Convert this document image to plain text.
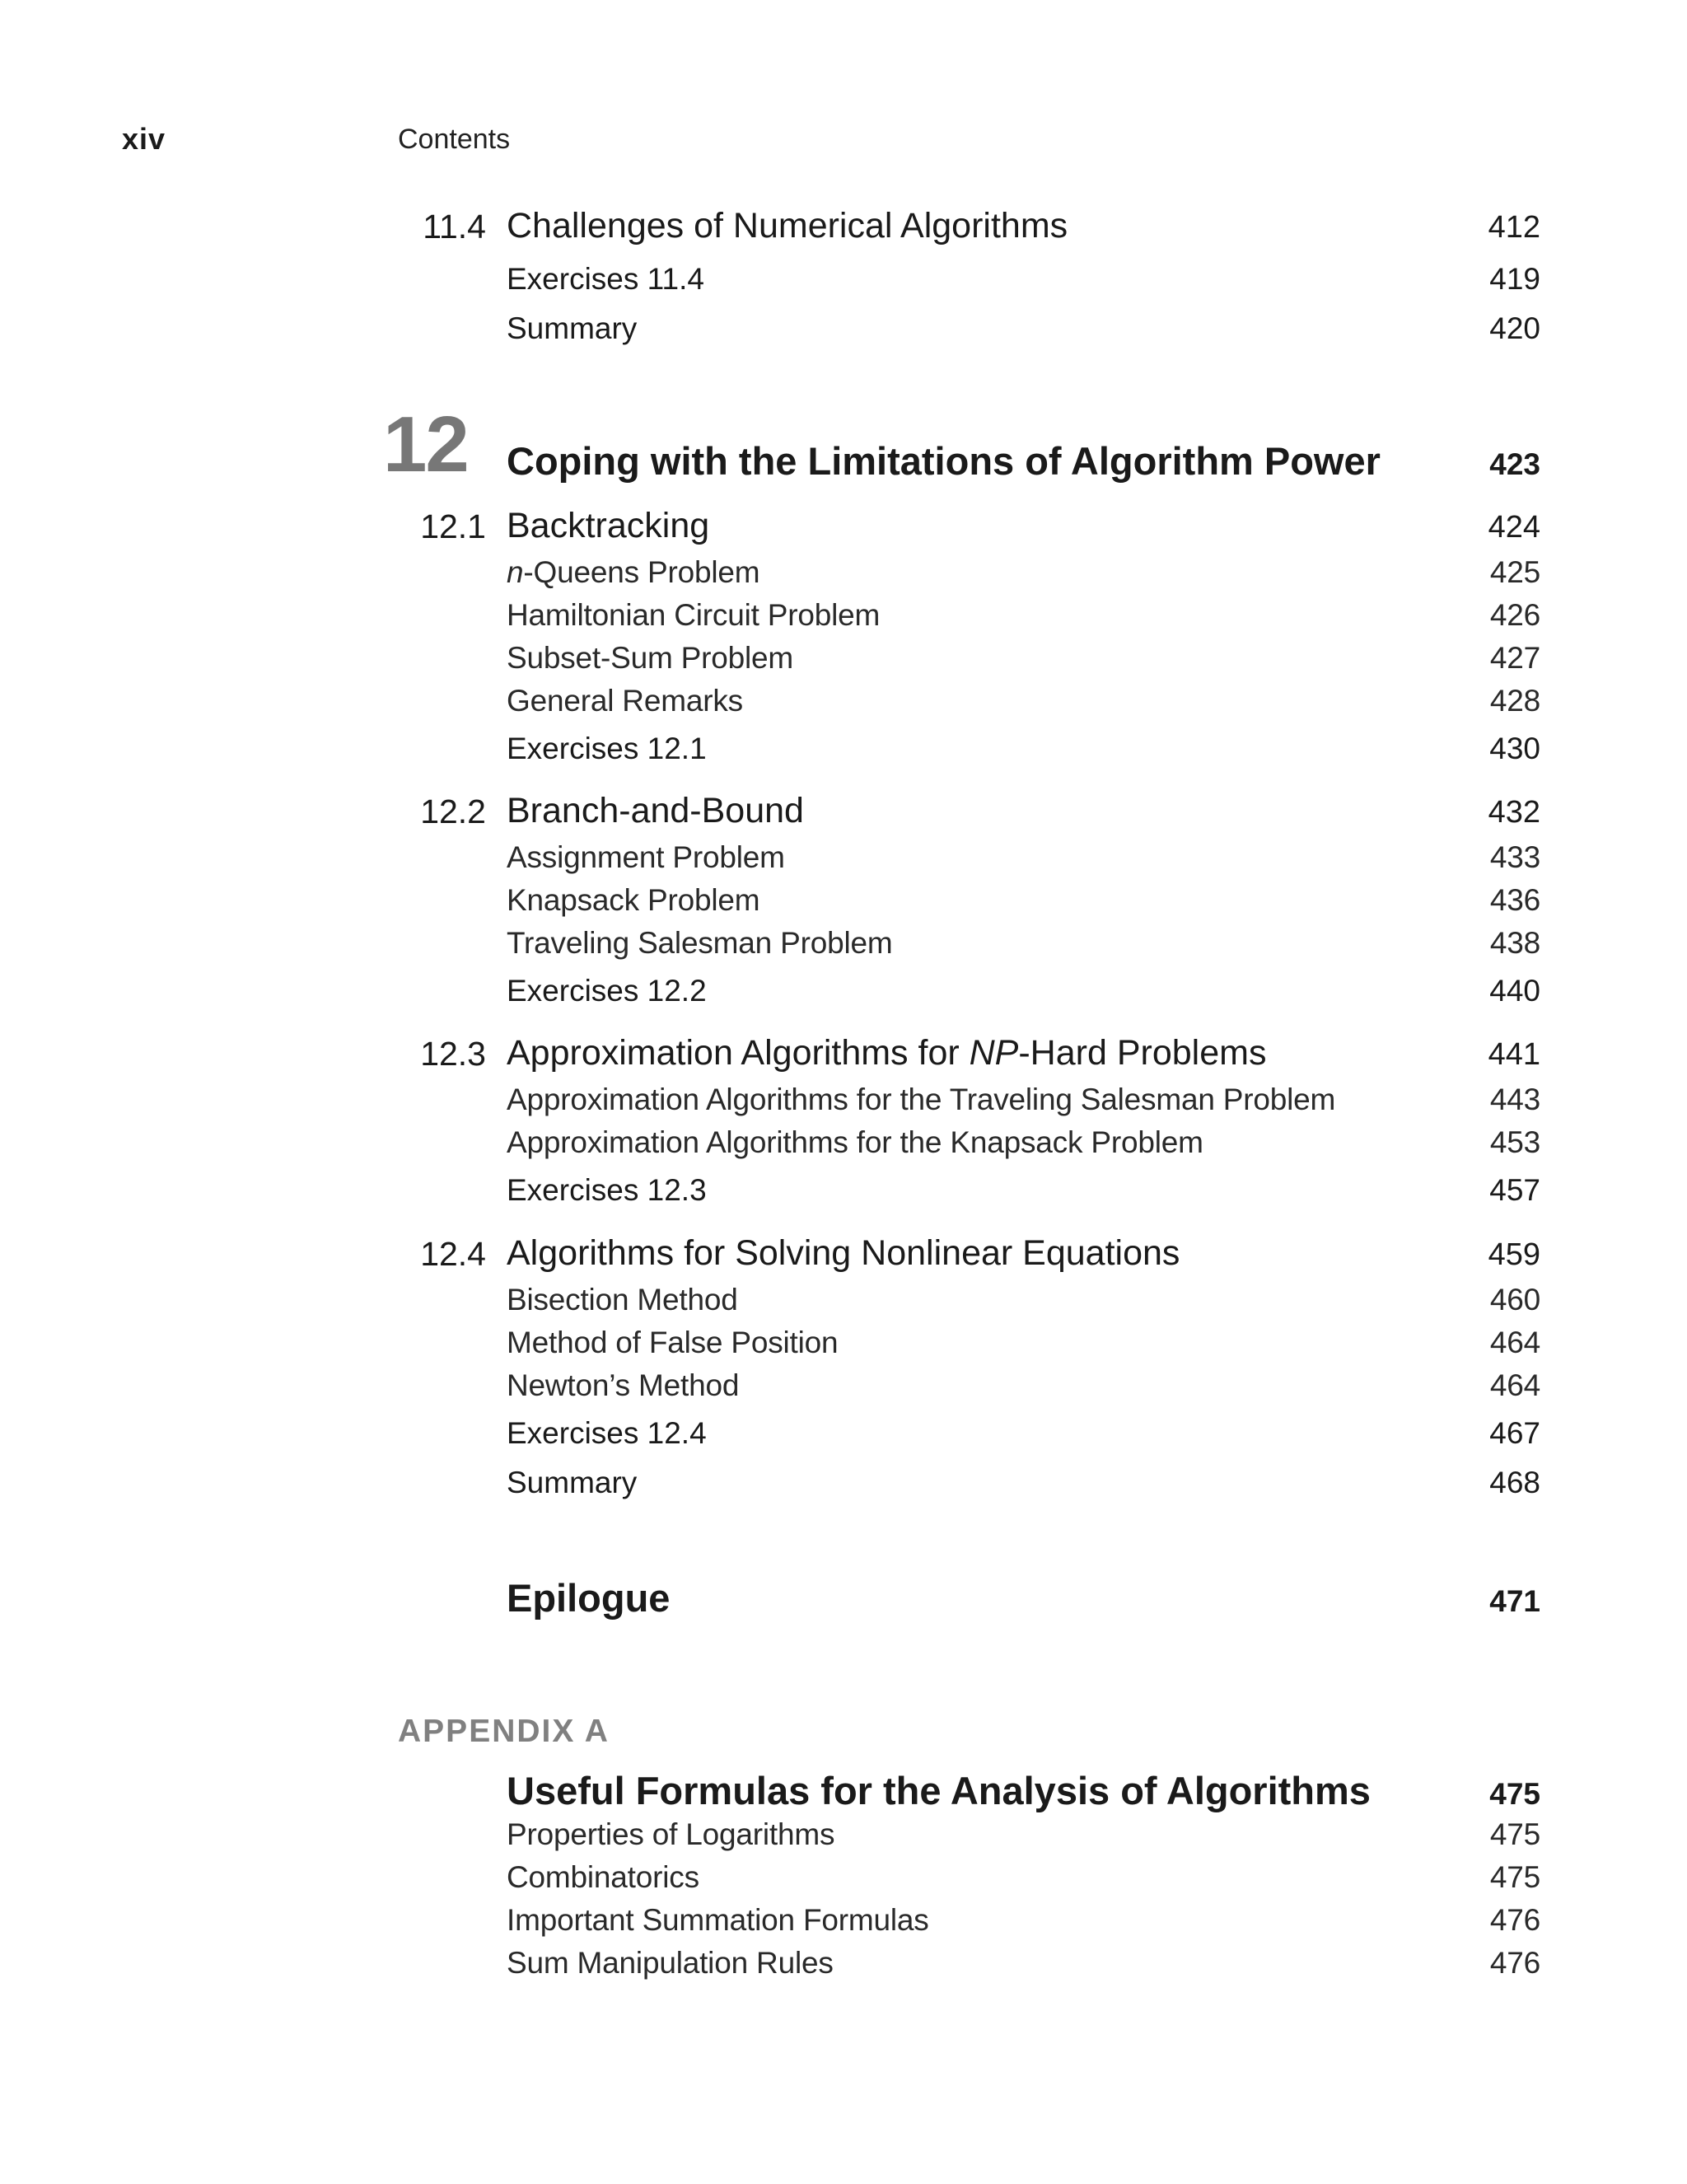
xiv	Contents
11.4 Challenges of Numerical Algorithms	412
Exercises 11.4	419
Summary	420
12 Coping with the Limitations of Algorithm Power	423
12.1 Backtracking	424
n-Queens Problem	425
Hamiltonian Circuit Problem	426
Subset-Sum Problem	427
General Remarks	428
Exercises 12.1	430
12.2 Branch-and-Bound	432
Assignment Problem	433
Knapsack Problem	436
Traveling Salesman Problem	438
Exercises 12.2	440
12.3 Approximation Algorithms for NP-Hard Problems	441
Approximation Algorithms for the Traveling Salesman Problem	443
Approximation Algorithms for the Knapsack Problem	453
Exercises 12.3	457
12.4 Algorithms for Solving Nonlinear Equations	459
Bisection Method	460
Method of False Position	464
Newton’s Method	464
Exercises 12.4	467
Summary	468
Epilogue	471
APPENDIX A
Useful Formulas for the Analysis of Algorithms	475
Properties of Logarithms	475
Combinatorics	475
Important Summation Formulas	476
Sum Manipulation Rules	476
